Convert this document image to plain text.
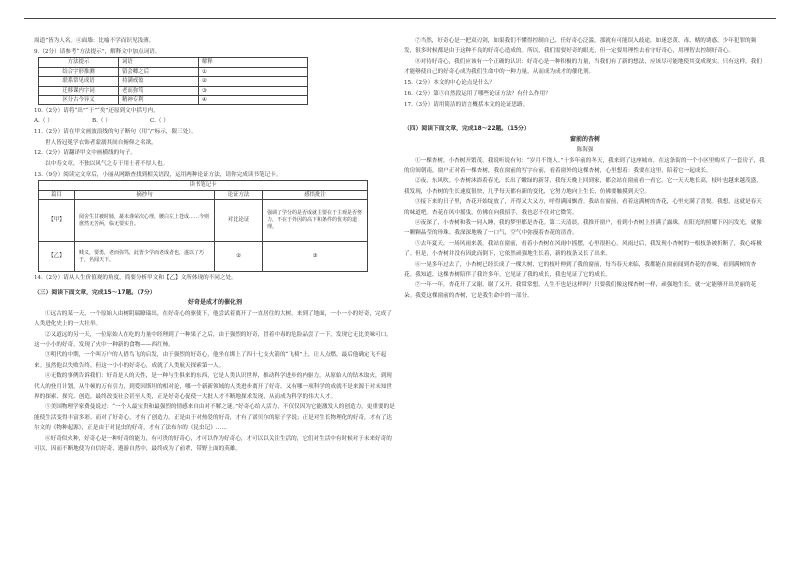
周道”皆为人名。④面墙：比喻不学而识见浅薄。

9.（2分）请参考“方法提示”，解释文中加点词语。

方法提示	词语	解释
结合字形推测	留会卿之后	①
联系常见成语	持满戒盈	②
迁移课内字词	老而弥笃	③
区分古今异义	精神专利	④

10.（2分）请将“出”“于”“矣”还原到文中括号内。

A.（ ）	B.（ ）	C.（ ）

11.（2分）请在甲文画波浪线的句子断句（用“/”标示，限三处）。

世人皆冠冕学衣饰者蒙溺其间自俯仰之名欲。

12.（2分）请翻译甲文中画横线的句子。

以中寿文章，不独以风气之专于用士者不厚人也。

13.（9分）阅读完文章后，小丽从网路查找到相关语段，运用两种论证方法，请你完成读书笔记卡。

读书笔记卡			
篇目	摘抄句	论证方法	感悟批注
【甲】	阅舍生甘被时肺，蕞未谨荣次心理，腰白左上苍成……今则愈然无苦两，临无要实自。	对比论证	强调了学分的是否成就主要在于主观是否努力，不在于外因的高下和条件的优劣的道理。
【乙】	贱义，要勇，老而弥笃，此皆少学而老成者也，遂以了巧于，名闻天下。	②	③

14.（2分）请从人生价值观的角度，简要分析甲文和【乙】文所体现的不同之处。

（三）阅读下面文章，完成15～17题。（7分）

好奇是成才的催化剂

①远古的某一天，一个原始人由树阴瑞瞭瑞出，在好奇心的驱使下，他尝试着离开了一直居住的大树，来到了地面，一小一小的好奇，完成了人类进化史上的一大壮举。

②又道远的另一天，一位原始人在吃的力量中经理到了一种果子之后，由于强烈的好奇，冒着中毒的危险品尝了一下，发现它无比美味可口。这一小小的好奇，发现了火中一种新的食物——西红柿。

③明代的中期，一个叫万户的人借鸟飞的启发，由于强烈的好奇心，他坐在绑上了四十七支火箭的“飞椅”上，让人点燃，最后他确定飞不起来。虽然他以失败告终，但这一小小的好奇心，成就了人类航天探索第一人。

④无数的事例告诉我们：好奇是人的天性，是一种与生俱来的东西，它是人类认识世界，推动科学进步的内驱力。从原始人的钻木取火，到现代人的登月计划，从牛顿的万有引力，到爱因斯坦的相对论，哪一个新新领域的人类进步离开了好奇，又有哪一项科学的成就不是来源于对未知世界的探索、探究、创造，最终改变社会甚至人类，正是好奇心促使一大批人才不断地探求发现，从而成为科学的伟大人才。

⑤美国物理学家费曼说过：“一个人最宝贵和最强烈的情感来自由对不解之谜。”好奇心给人活力，不仅仅因为它能激发人的创造力，更重要的是能使生活变得丰富多彩。而对了好奇心，才有了创造力。正是由于对热爱的好奇，才有了诺贝尔的原子学说；正是对生长物理化的好奇，才有了达尔文的《物种起源》，正是由于对昆虫的好奇，才有了法布尔的《昆虫记》……

⑥好奇似火种，好奇心是一种好奇的能力，有可贵的好奇心，才可以作为好奇心，才可以以关注生活的，它们对生活中有时候对于未来好奇的可以，因而不断地使为自信好奇，遨游自然中，最终成为了前辈，带野上面的英雄。

⑦当然，好奇心是一把双刃剑，如果我们不懂得控制自己，任好奇心泛滥，那就有可能误入歧途，如迷恋黄、毒、赌的诱惑，少年犯罪的频发，很多时候都是由于这种不良的好奇心造成的。所以，我们需要好奇的眼光，但一定要用理性去看守好奇心，用理智去控制好奇心。

⑧对待好奇心，我们应该有一个正确的认识：好奇心是一种积极的力量，当我们有了新的想法，应该尽可能地使其变成现实。只有这样，我们才能够使自己的好奇心成为我们生命中的一种力量，从而成为成才的催化剂。

15.（2分）本文的中心论点是什么？

16.（2分）第⑤自然段运用了哪些论证方法？有什么作用？

17.（3分）请用简洁的语言概括本文的论证思路。

（四）阅读下面文章，完成18～22题。（15分）

窗前的杏树

陈海强

①一棵杏树，小杏树开繁茂，我说听说有句：“岁月不饶人。”十多年前的冬天，我来到了这座城市，在这条街的一个小区里购买了一套房子，我的房间朝南，窗户正对着一棵杏树，我在窗前的写字台前，看着窗外的这棵杏树，心里想着：我要在这里，陪着它一起成长。

②夜，东风吹。小杏树沐浴着春光，长出了嫩绿的新芽，我每天晚上回到家，都会站在窗前看一看它。它一天天地长高，枝叶也越来越茂盛，我发现，小杏树的生长速度很快，几乎每天都有新的变化，它努力地向上生长，仿佛要触摸到天空。

③接下来的日子里，杏花开始绽放了，开得又大又方，呼得满园飘香。我站在窗前，看着这满树的杏花，心里充满了喜悦。我想，这就是春天的味道吧。杏花在风中摇曳，仿佛在向我招手，我也忍不住对它微笑。

④夜深了，小杏树和我一同入睡，我的梦里都是杏花。第二天清晨，我推开窗户，看到小杏树上挂满了露珠，在阳光的照耀下闪闪发光，就像一颗颗晶莹的珍珠。我深深地吸了一口气，空气中弥漫着杏花的清香。

⑤去年夏天，一场风雨来袭，我站在窗前，看着小杏树在风雨中摇摆，心里很担心。风雨过后，我发现小杏树的一根枝条被折断了，我心疼极了。但是，小杏树并没有因此而倒下，它依然顽强地生长着，新的枝条又长了出来。

⑥一晃多年过去了，小杏树已经长成了一棵大树，它的枝叶伸到了我的窗前，每当春天来临，我都能在窗前闻到杏花的香味，看到满树的杏花。我知道，这棵杏树陪伴了我许多年，它见证了我的成长，我也见证了它的成长。

⑦一年一年，杏花开了又谢，谢了又开。我常常想，人生不也是这样吗？只要我们像这棵杏树一样，顽强地生长，就一定能够开出美丽的花朵。我爱这棵窗前的杏树，它是我生命中的一部分。
